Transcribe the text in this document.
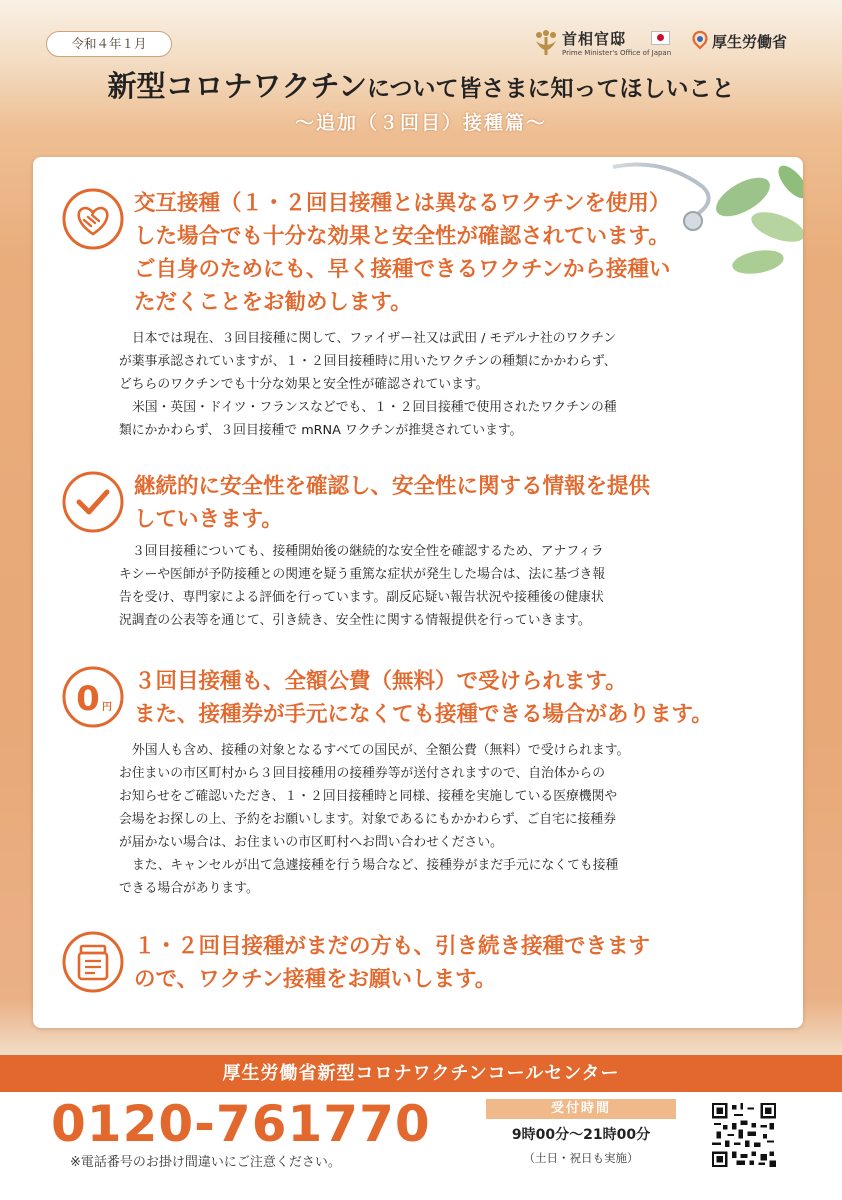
令和４年１月	首相官邸
Prime Minister's Office of Japan
厚生労働省
新型コロナワクチンについて皆さまに知ってほしいこと
～追加（３回目）接種篇～
交互接種（１・２回目接種とは異なるワクチンを使用）
した場合でも十分な効果と安全性が確認されています。
ご自身のためにも、早く接種できるワクチンから接種い
ただくことをお勧めします。

日本では現在、３回目接種に関して、ファイザー社又は武田 / モデルナ社のワクチン

が薬事承認されていますが、１・２回目接種時に用いたワクチンの種類にかかわらず、

どちらのワクチンでも十分な効果と安全性が確認されています。

米国・英国・ドイツ・フランスなどでも、１・２回目接種で使用されたワクチンの種

類にかかわらず、３回目接種で mRNA ワクチンが推奨されています。

継続的に安全性を確認し、安全性に関する情報を提供
していきます。

３回目接種についても、接種開始後の継続的な安全性を確認するため、アナフィラ

キシーや医師が予防接種との関連を疑う重篤な症状が発生した場合は、法に基づき報

告を受け、専門家による評価を行っています。副反応疑い報告状況や接種後の健康状

況調査の公表等を通じて、引き続き、安全性に関する情報提供を行っていきます。

0 円
３回目接種も、全額公費（無料）で受けられます。
また、接種券が手元になくても接種できる場合があります。

外国人も含め、接種の対象となるすべての国民が、全額公費（無料）で受けられます。

お住まいの市区町村から３回目接種用の接種券等が送付されますので、自治体からの

お知らせをご確認いただき、１・２回目接種時と同様、接種を実施している医療機関や

会場をお探しの上、予約をお願いします。対象であるにもかかわらず、ご自宅に接種券

が届かない場合は、お住まいの市区町村へお問い合わせください。

また、キャンセルが出て急遽接種を行う場合など、接種券がまだ手元になくても接種

できる場合があります。

１・２回目接種がまだの方も、引き続き接種できます
ので、ワクチン接種をお願いします。
厚生労働省新型コロナワクチンコールセンター
0120-761770
※電話番号のお掛け間違いにご注意ください。
受付時間
9時00分～21時00分
（土日・祝日も実施）
